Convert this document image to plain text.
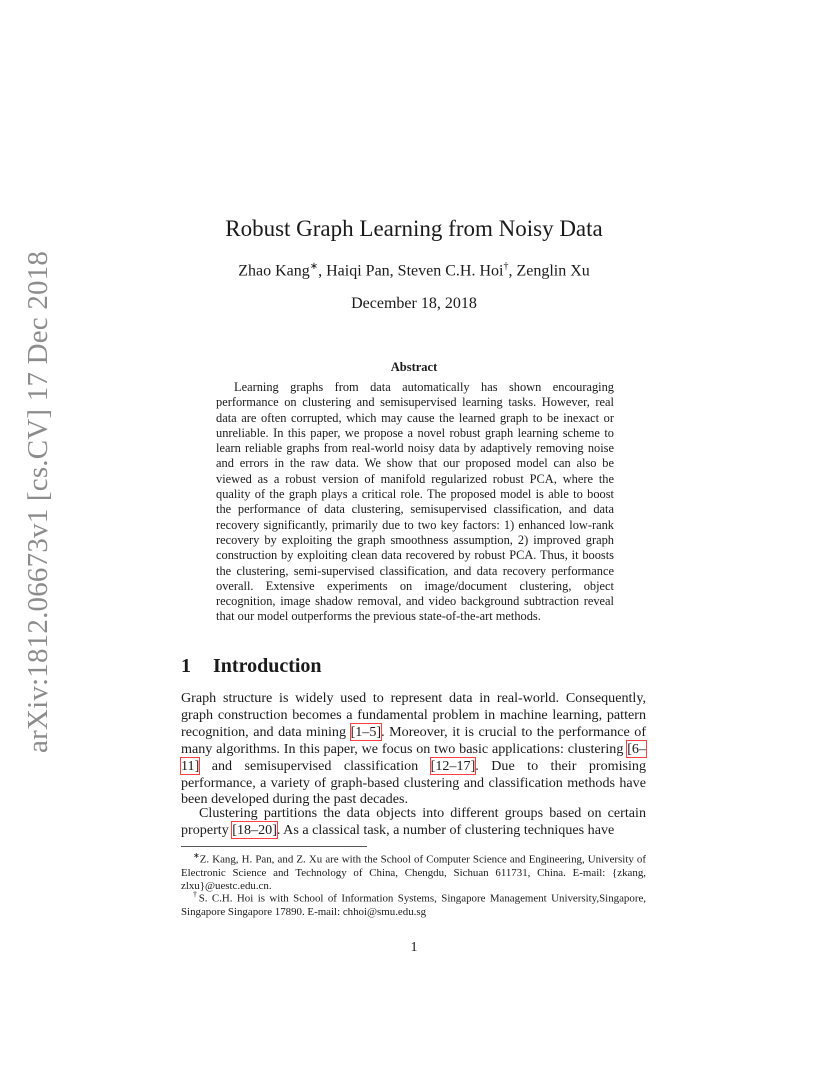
arXiv:1812.06673v1 [cs.CV] 17 Dec 2018
Robust Graph Learning from Noisy Data
Zhao Kang∗, Haiqi Pan, Steven C.H. Hoi†, Zenglin Xu
December 18, 2018
Abstract

Learning graphs from data automatically has shown encouraging performance on clustering and semisupervised learning tasks. However, real data are often corrupted, which may cause the learned graph to be inexact or unreliable. In this paper, we propose a novel robust graph learning scheme to learn reliable graphs from real-world noisy data by adaptively removing noise and errors in the raw data. We show that our proposed model can also be viewed as a robust version of manifold regularized robust PCA, where the quality of the graph plays a critical role. The proposed model is able to boost the performance of data clustering, semisupervised classification, and data recovery significantly, primarily due to two key factors: 1) enhanced low-rank recovery by exploiting the graph smoothness assumption, 2) improved graph construction by exploiting clean data recovered by robust PCA. Thus, it boosts the clustering, semi-supervised classification, and data recovery performance overall. Extensive experiments on image/document clustering, object recognition, image shadow removal, and video background subtraction reveal that our model outperforms the previous state-of-the-art methods.

1 Introduction

Graph structure is widely used to represent data in real-world. Consequently, graph construction becomes a fundamental problem in machine learning, pattern recognition, and data mining [1–5]. Moreover, it is crucial to the performance of many algorithms. In this paper, we focus on two basic applications: clustering [6–11] and semisupervised classification [12–17]. Due to their promising performance, a variety of graph-based clustering and classification methods have been developed during the past decades.

Clustering partitions the data objects into different groups based on certain property [18–20]. As a classical task, a number of clustering techniques have

∗Z. Kang, H. Pan, and Z. Xu are with the School of Computer Science and Engineering, University of Electronic Science and Technology of China, Chengdu, Sichuan 611731, China. E-mail: {zkang, zlxu}@uestc.edu.cn.

†S. C.H. Hoi is with School of Information Systems, Singapore Management University,Singapore, Singapore Singapore 17890. E-mail: chhoi@smu.edu.sg

1
